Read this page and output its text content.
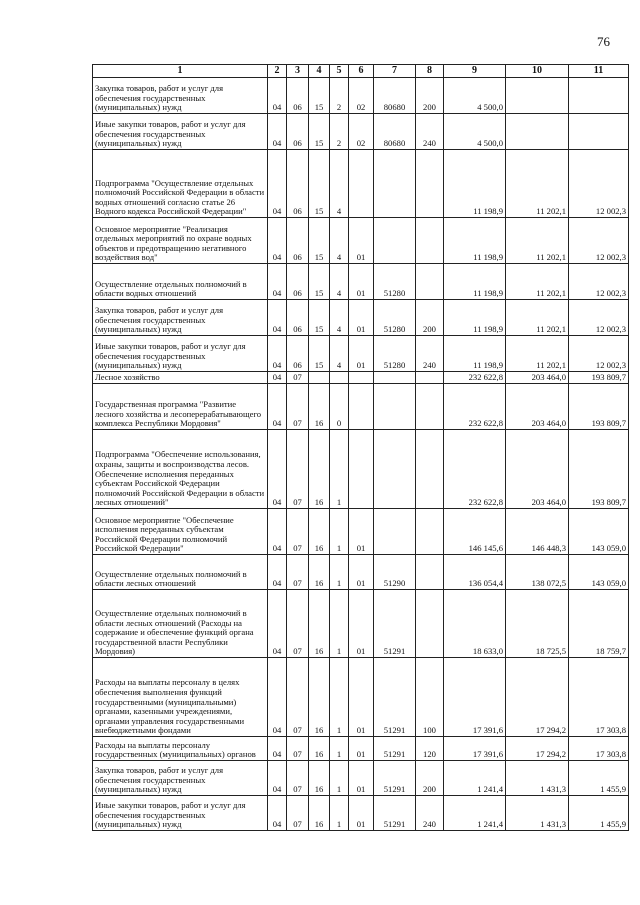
76
1	2	3	4	5	6	7	8	9	10	11
Закупка товаров, работ и услуг для обеспечения государственных (муниципальных) нужд	04	06	15	2	02	80680	200	4 500,0		
Иные закупки товаров, работ и услуг для обеспечения государственных (муниципальных) нужд	04	06	15	2	02	80680	240	4 500,0		
Подпрограмма "Осуществление отдельных полномочий Российской Федерации в области водных отношений согласно статье 26 Водного кодекса Российской Федерации"	04	06	15	4				11 198,9	11 202,1	12 002,3
Основное мероприятие "Реализация отдельных мероприятий по охране водных объектов и предотвращению негативного воздействия вод"	04	06	15	4	01			11 198,9	11 202,1	12 002,3
Осуществление отдельных полномочий в области водных отношений	04	06	15	4	01	51280		11 198,9	11 202,1	12 002,3
Закупка товаров, работ и услуг для обеспечения государственных (муниципальных) нужд	04	06	15	4	01	51280	200	11 198,9	11 202,1	12 002,3
Иные закупки товаров, работ и услуг для обеспечения государственных (муниципальных) нужд	04	06	15	4	01	51280	240	11 198,9	11 202,1	12 002,3
Лесное хозяйство	04	07						232 622,8	203 464,0	193 809,7
Государственная программа "Развитие лесного хозяйства и лесоперерабатывающего комплекса Республики Мордовия"	04	07	16	0				232 622,8	203 464,0	193 809,7
Подпрограмма "Обеспечение использования, охраны, защиты и воспроизводства лесов. Обеспечение исполнения переданных субъектам Российской Федерации полномочий Российской Федерации в области лесных отношений"	04	07	16	1				232 622,8	203 464,0	193 809,7
Основное мероприятие "Обеспечение исполнения переданных субъектам Российской Федерации полномочий Российской Федерации"	04	07	16	1	01			146 145,6	146 448,3	143 059,0
Осуществление отдельных полномочий в области лесных отношений	04	07	16	1	01	51290		136 054,4	138 072,5	143 059,0
Осуществление отдельных полномочий в области лесных отношений (Расходы на содержание и обеспечение функций органа государственной власти Республики Мордовия)	04	07	16	1	01	51291		18 633,0	18 725,5	18 759,7
Расходы на выплаты персоналу в целях обеспечения выполнения функций государственными (муниципальными) органами, казенными учреждениями, органами управления государственными внебюджетными фондами	04	07	16	1	01	51291	100	17 391,6	17 294,2	17 303,8
Расходы на выплаты персоналу государственных (муниципальных) органов	04	07	16	1	01	51291	120	17 391,6	17 294,2	17 303,8
Закупка товаров, работ и услуг для обеспечения государственных (муниципальных) нужд	04	07	16	1	01	51291	200	1 241,4	1 431,3	1 455,9
Иные закупки товаров, работ и услуг для обеспечения государственных (муниципальных) нужд	04	07	16	1	01	51291	240	1 241,4	1 431,3	1 455,9
